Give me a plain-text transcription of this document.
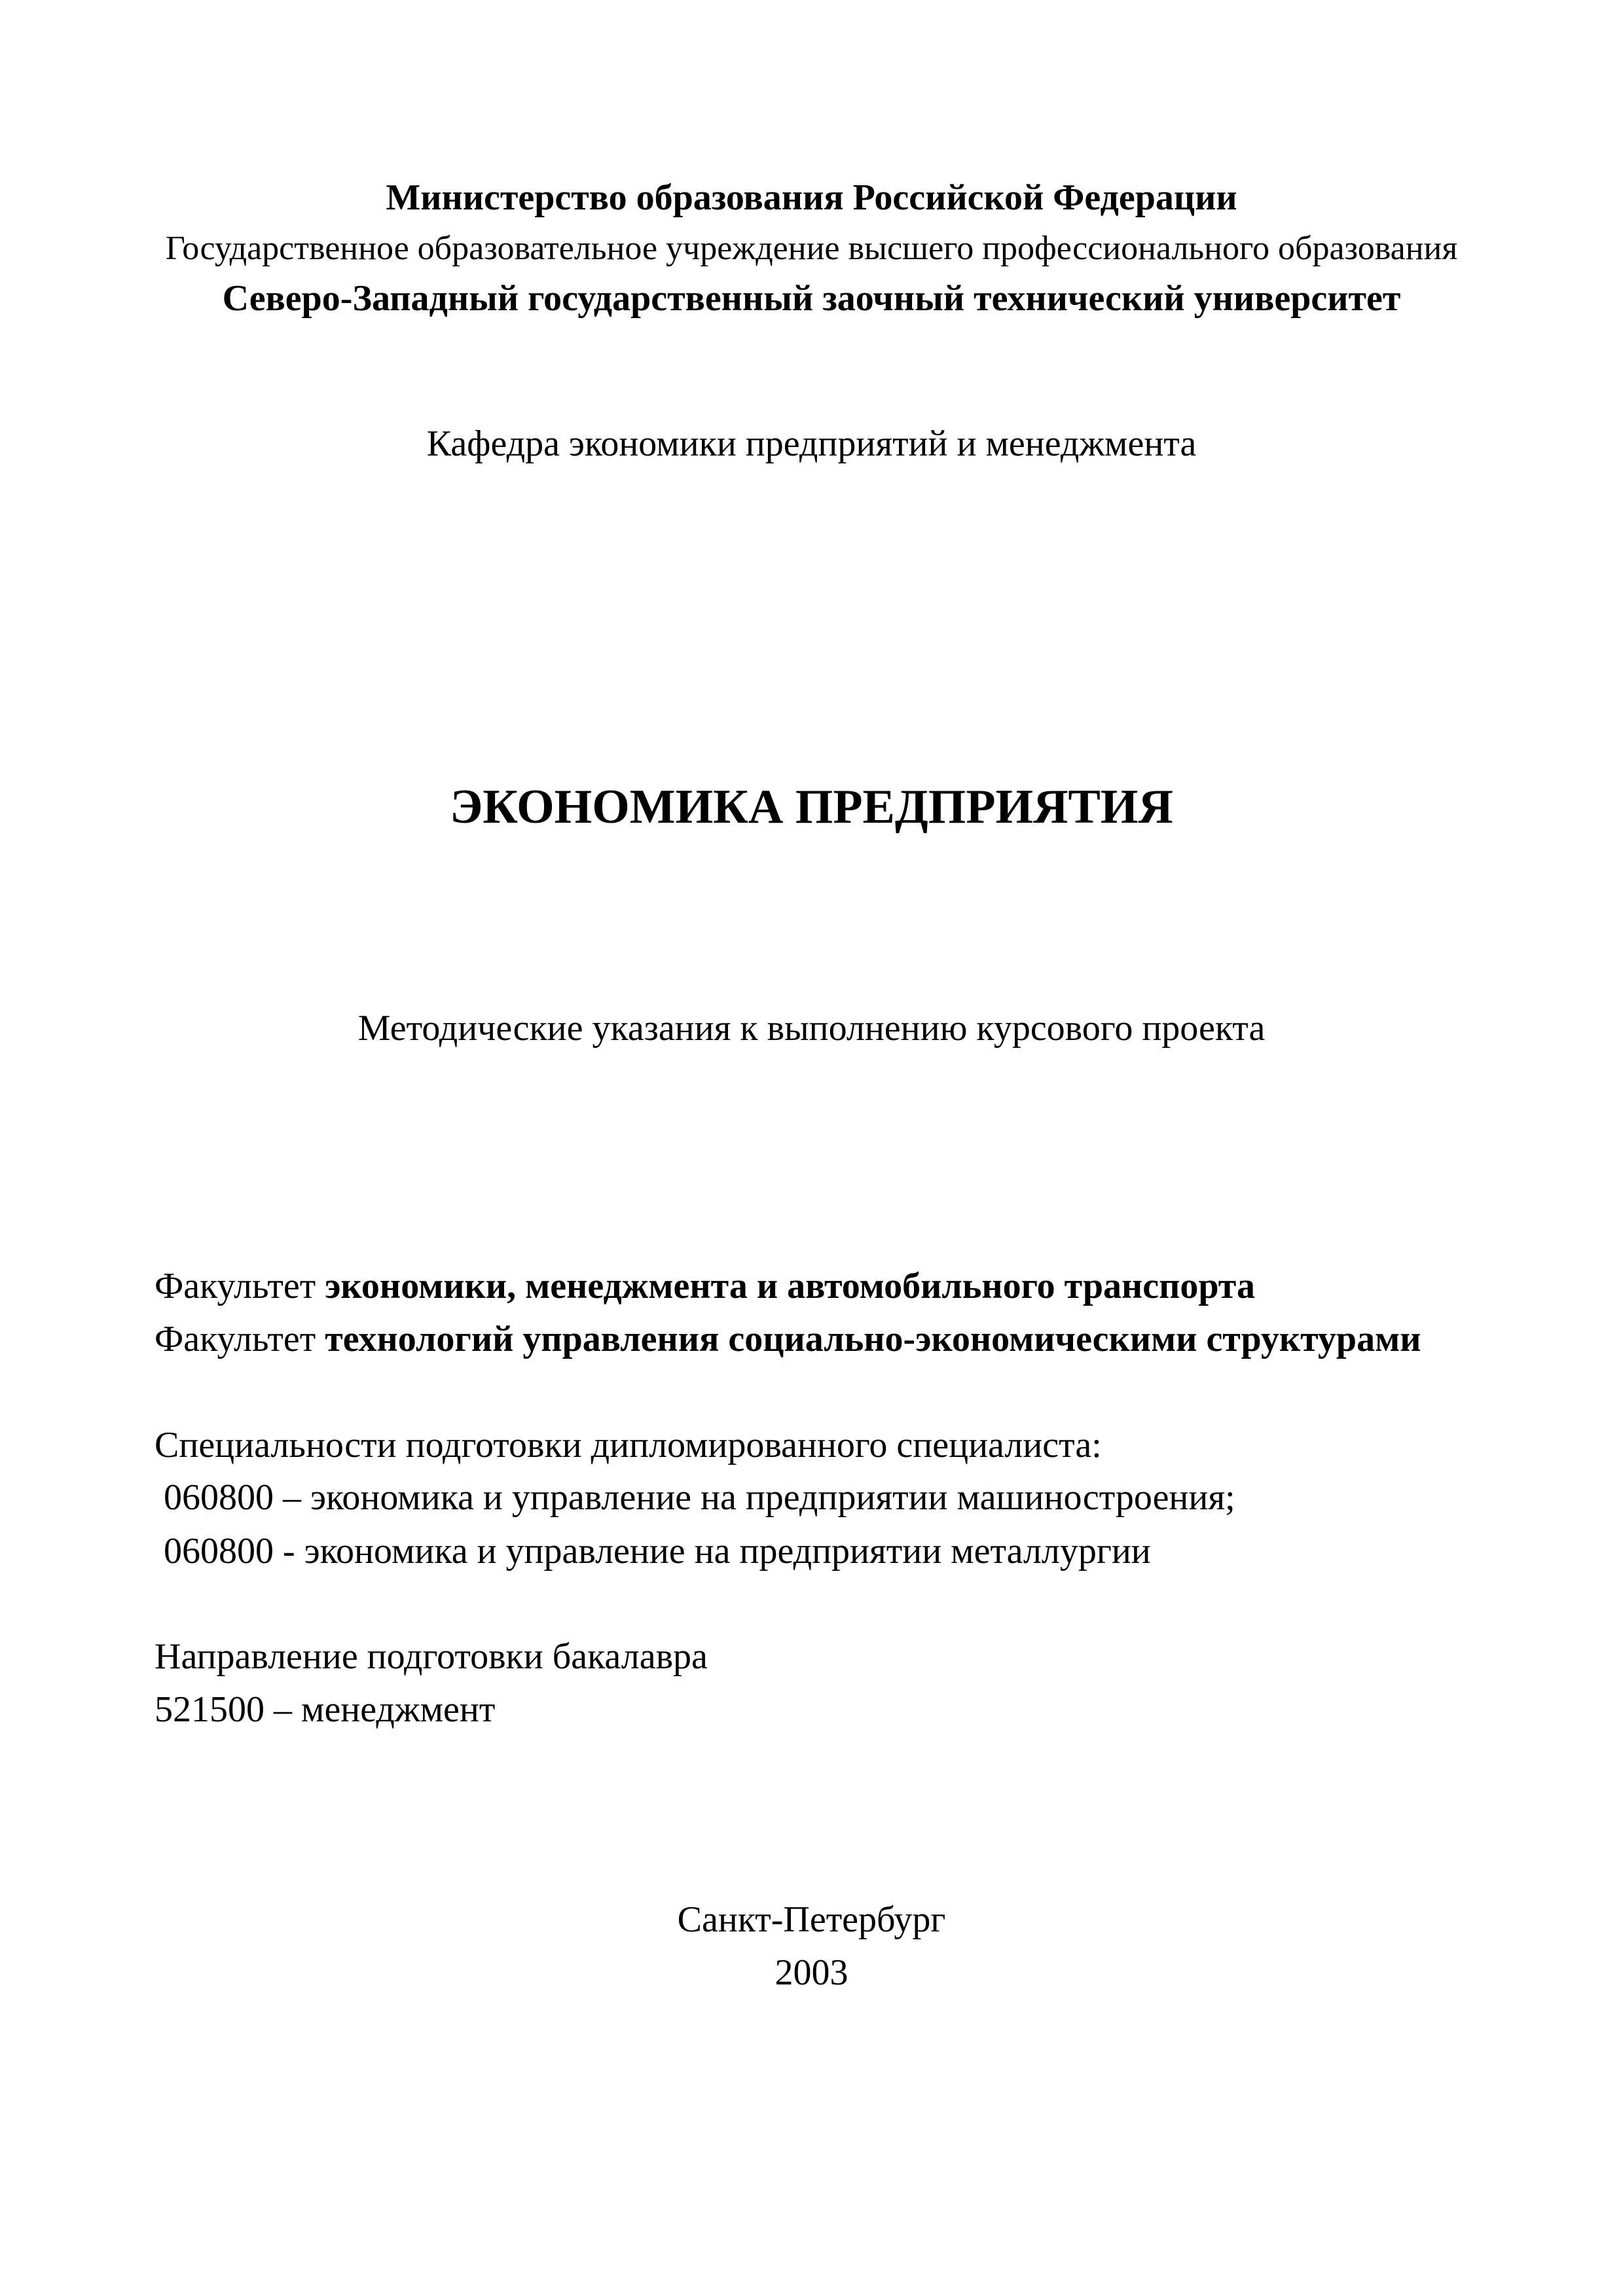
Министерство образования Российской Федерации
Государственное образовательное учреждение высшего профессионального образования
Северо-Западный государственный заочный технический университет
Кафедра экономики предприятий и менеджмента
ЭКОНОМИКА ПРЕДПРИЯТИЯ
Методические указания к выполнению курсового проекта
Факультет экономики, менеджмента и автомобильного транспорта
Факультет технологий управления социально-экономическими структурами
Специальности подготовки дипломированного специалиста:
060800 – экономика и управление на предприятии машиностроения;
060800 - экономика и управление на предприятии металлургии
Направление подготовки бакалавра
521500 – менеджмент
Санкт-Петербург
2003
